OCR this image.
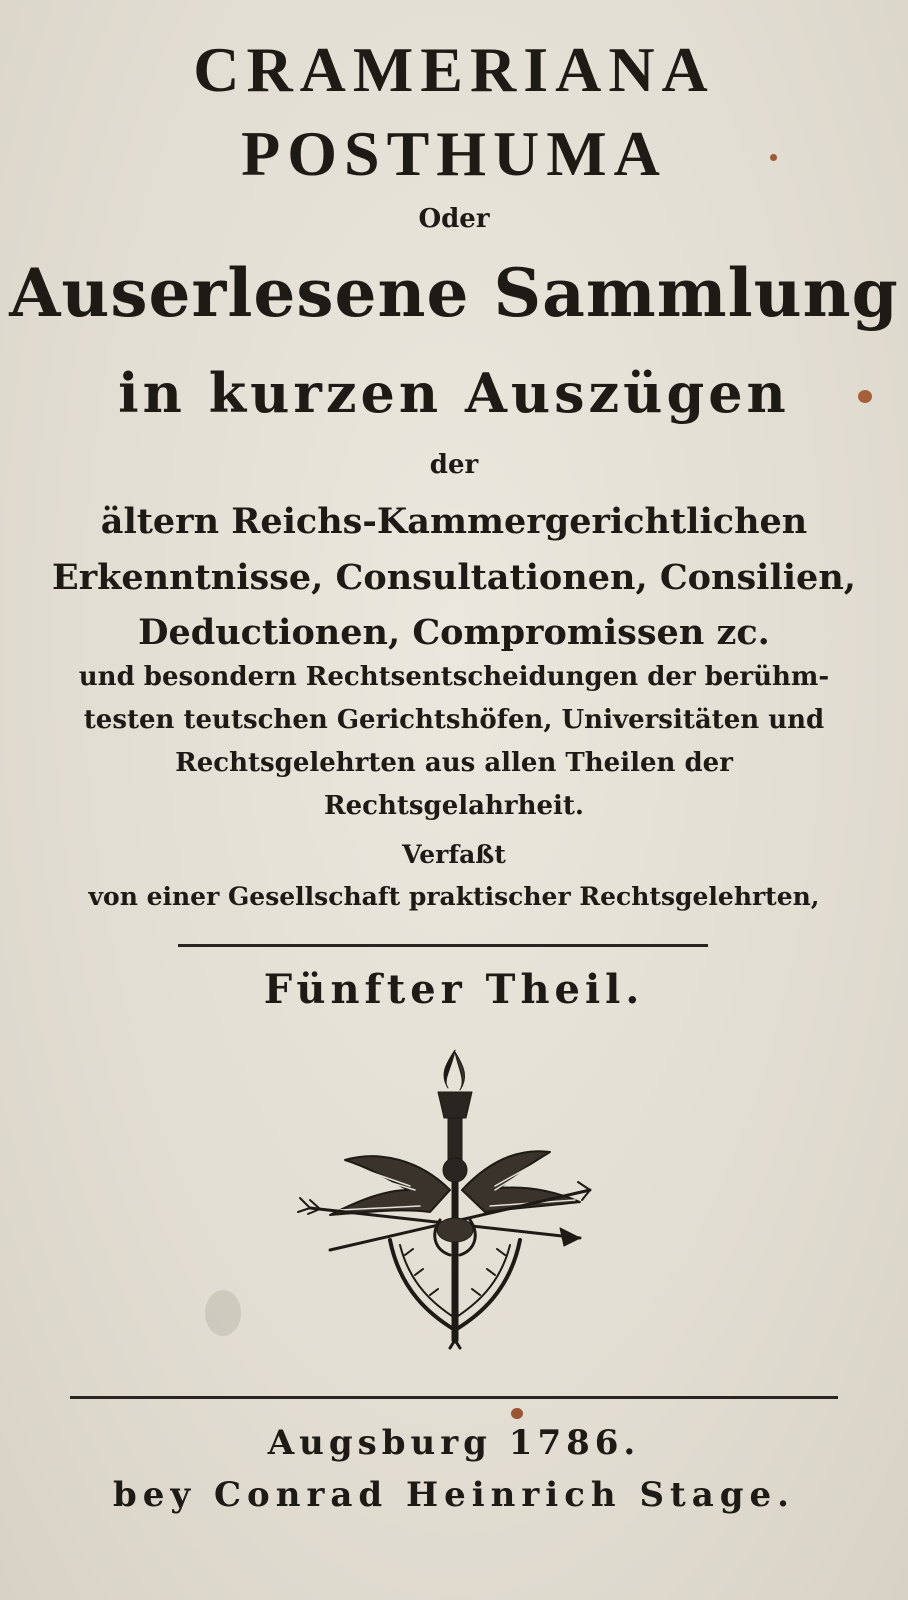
CRAMERIANA
POSTHUMA
Oder
Auserlesene Sammlung
in kurzen Auszügen
der
ältern Reichs-Kammergerichtlichen
Erkenntnisse, Consultationen, Consilien,
Deductionen, Compromissen zc.
und besondern Rechtsentscheidungen der berühm-
testen teutschen Gerichtshöfen, Universitäten und
Rechtsgelehrten aus allen Theilen der
Rechtsgelahrheit.
Verfaßt
von einer Gesellschaft praktischer Rechtsgelehrten,
Fünfter Theil.
Augsburg 1786.
bey Conrad Heinrich Stage.
